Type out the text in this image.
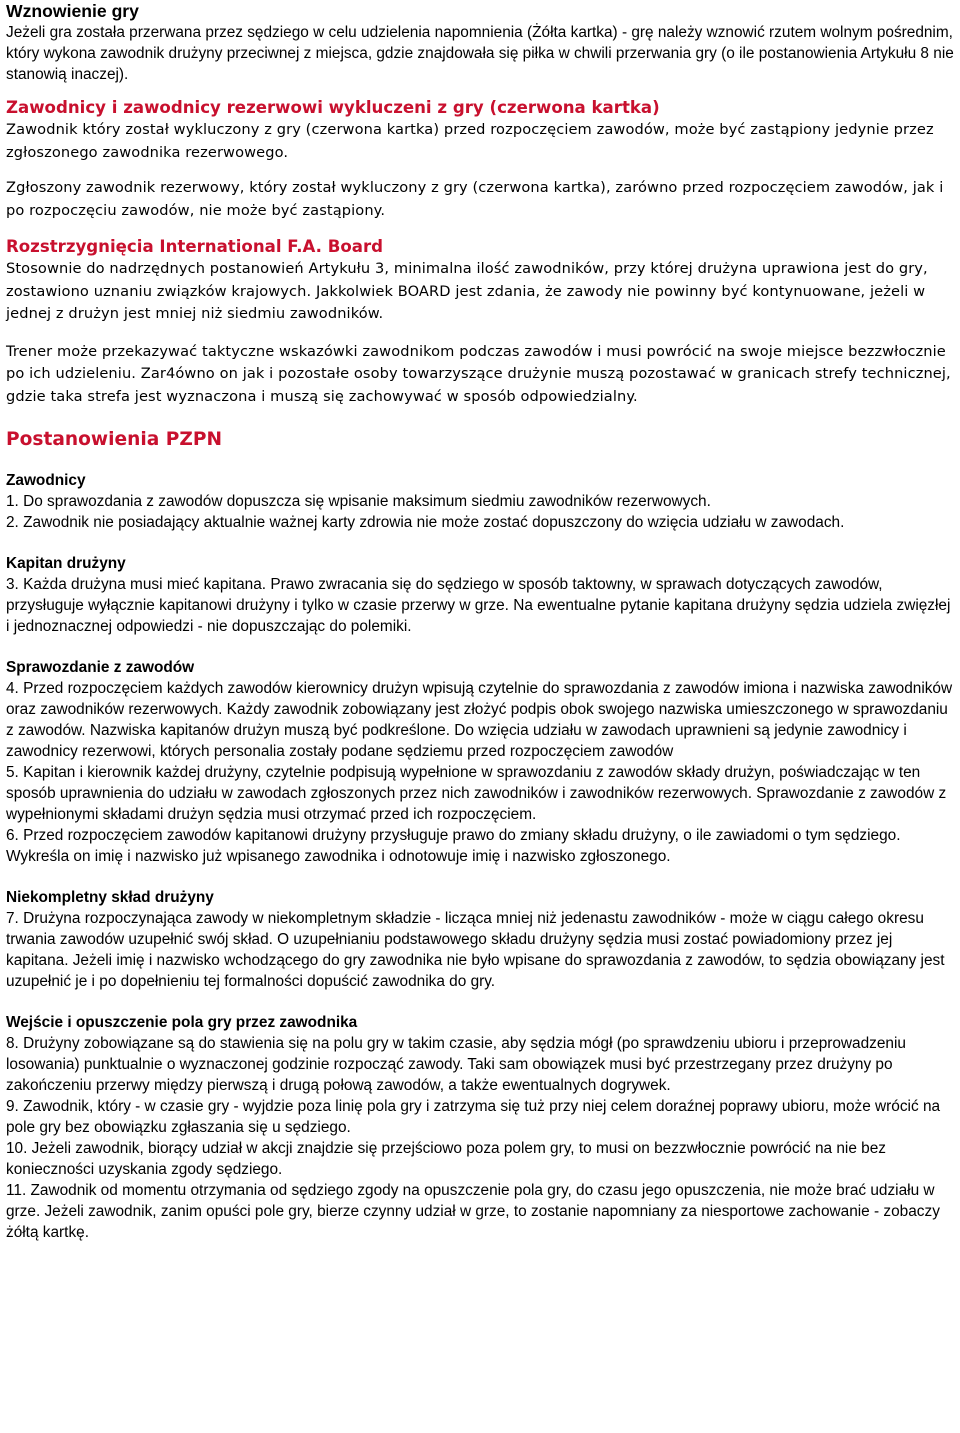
Wznowienie gry

Jeżeli gra została przerwana przez sędziego w celu udzielenia napomnienia (Żółta kartka) - grę należy wznowić rzutem wolnym pośrednim, który wykona zawodnik drużyny przeciwnej z miejsca, gdzie znajdowała się piłka w chwili przerwania gry (o ile postanowienia Artykułu 8 nie stanowią inaczej).

Zawodnicy i zawodnicy rezerwowi wykluczeni z gry (czerwona kartka)

Zawodnik który został wykluczony z gry (czerwona kartka) przed rozpoczęciem zawodów, może być zastąpiony jedynie przez zgłoszonego zawodnika rezerwowego.

Zgłoszony zawodnik rezerwowy, który został wykluczony z gry (czerwona kartka), zarówno przed rozpoczęciem zawodów, jak i po rozpoczęciu zawodów, nie może być zastąpiony.

Rozstrzygnięcia International F.A. Board

Stosownie do nadrzędnych postanowień Artykułu 3, minimalna ilość zawodników, przy której drużyna uprawiona jest do gry, zostawiono uznaniu związków krajowych. Jakkolwiek BOARD jest zdania, że zawody nie powinny być kontynuowane, jeżeli w jednej z drużyn jest mniej niż siedmiu zawodników.

Trener może przekazywać taktyczne wskazówki zawodnikom podczas zawodów i musi powrócić na swoje miejsce bezzwłocznie po ich udzieleniu. Zar4ówno on jak i pozostałe osoby towarzyszące drużynie muszą pozostawać w granicach strefy technicznej, gdzie taka strefa jest wyznaczona i muszą się zachowywać w sposób odpowiedzialny.

Postanowienia PZPN
Zawodnicy

1. Do sprawozdania z zawodów dopuszcza się wpisanie maksimum siedmiu zawodników rezerwowych.

2. Zawodnik nie posiadający aktualnie ważnej karty zdrowia nie może zostać dopuszczony do wzięcia udziału w zawodach.

Kapitan drużyny

3. Każda drużyna musi mieć kapitana. Prawo zwracania się do sędziego w sposób taktowny, w sprawach dotyczących zawodów, przysługuje wyłącznie kapitanowi drużyny i tylko w czasie przerwy w grze. Na ewentualne pytanie kapitana drużyny sędzia udziela zwięzłej i jednoznacznej odpowiedzi - nie dopuszczając do polemiki.

Sprawozdanie z zawodów

4. Przed rozpoczęciem każdych zawodów kierownicy drużyn wpisują czytelnie do sprawozdania z zawodów imiona i nazwiska zawodników oraz zawodników rezerwowych. Każdy zawodnik zobowiązany jest złożyć podpis obok swojego nazwiska umieszczonego w sprawozdaniu z zawodów. Nazwiska kapitanów drużyn muszą być podkreślone. Do wzięcia udziału w zawodach uprawnieni są jedynie zawodnicy i zawodnicy rezerwowi, których personalia zostały podane sędziemu przed rozpoczęciem zawodów

5. Kapitan i kierownik każdej drużyny, czytelnie podpisują wypełnione w sprawozdaniu z zawodów składy drużyn, poświadczając w ten sposób uprawnienia do udziału w zawodach zgłoszonych przez nich zawodników i zawodników rezerwowych. Sprawozdanie z zawodów z wypełnionymi składami drużyn sędzia musi otrzymać przed ich rozpoczęciem.

6. Przed rozpoczęciem zawodów kapitanowi drużyny przysługuje prawo do zmiany składu drużyny, o ile zawiadomi o tym sędziego. Wykreśla on imię i nazwisko już wpisanego zawodnika i odnotowuje imię i nazwisko zgłoszonego.

Niekompletny skład drużyny

7. Drużyna rozpoczynająca zawody w niekompletnym składzie - licząca mniej niż jedenastu zawodników - może w ciągu całego okresu trwania zawodów uzupełnić swój skład. O uzupełnianiu podstawowego składu drużyny sędzia musi zostać powiadomiony przez jej kapitana. Jeżeli imię i nazwisko wchodzącego do gry zawodnika nie było wpisane do sprawozdania z zawodów, to sędzia obowiązany jest uzupełnić je i po dopełnieniu tej formalności dopuścić zawodnika do gry.

Wejście i opuszczenie pola gry przez zawodnika

8. Drużyny zobowiązane są do stawienia się na polu gry w takim czasie, aby sędzia mógł (po sprawdzeniu ubioru i przeprowadzeniu losowania) punktualnie o wyznaczonej godzinie rozpocząć zawody. Taki sam obowiązek musi być przestrzegany przez drużyny po zakończeniu przerwy między pierwszą i drugą połową zawodów, a także ewentualnych dogrywek.

9. Zawodnik, który - w czasie gry - wyjdzie poza linię pola gry i zatrzyma się tuż przy niej celem doraźnej poprawy ubioru, może wrócić na pole gry bez obowiązku zgłaszania się u sędziego.

10. Jeżeli zawodnik, biorący udział w akcji znajdzie się przejściowo poza polem gry, to musi on bezzwłocznie powrócić na nie bez konieczności uzyskania zgody sędziego.

11. Zawodnik od momentu otrzymania od sędziego zgody na opuszczenie pola gry, do czasu jego opuszczenia, nie może brać udziału w grze. Jeżeli zawodnik, zanim opuści pole gry, bierze czynny udział w grze, to zostanie napomniany za niesportowe zachowanie - zobaczy żółtą kartkę.
